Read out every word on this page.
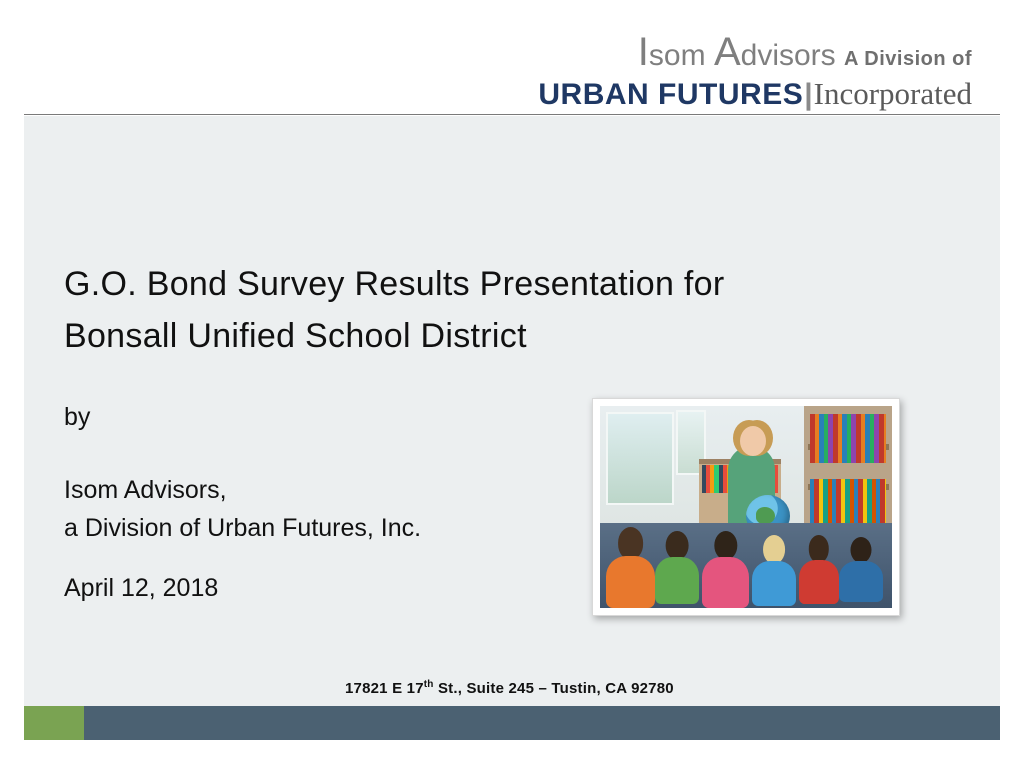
Isom Advisors A Division of
URBAN FUTURES|Incorporated
G.O. Bond Survey Results Presentation for
Bonsall Unified School District
by
Isom Advisors,
a Division of Urban Futures, Inc.
April 12, 2018
17821 E 17th St., Suite 245 – Tustin, CA 92780
